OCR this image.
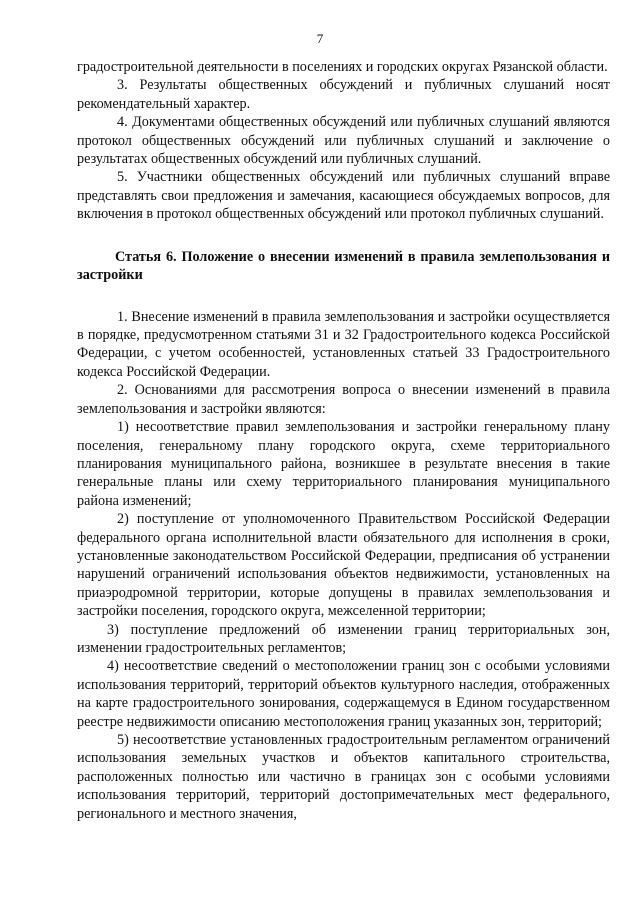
7

градостроительной деятельности в поселениях и городских округах Рязанской области.

3. Результаты общественных обсуждений и публичных слушаний носят рекомендательный характер.

4. Документами общественных обсуждений или публичных слушаний являются протокол общественных обсуждений или публичных слушаний и заключение о результатах общественных обсуждений или публичных слушаний.

5. Участники общественных обсуждений или публичных слушаний вправе представлять свои предложения и замечания, касающиеся обсуждаемых вопросов, для включения в протокол общественных обсуждений или протокол публичных слушаний.

Статья 6. Положение о внесении изменений в правила землепользования и застройки

1. Внесение изменений в правила землепользования и застройки осуществляется в порядке, предусмотренном статьями 31 и 32 Градостроительного кодекса Российской Федерации, с учетом особенностей, установленных статьей 33 Градостроительного кодекса Российской Федерации.

2. Основаниями для рассмотрения вопроса о внесении изменений в правила землепользования и застройки являются:

1) несоответствие правил землепользования и застройки генеральному плану поселения, генеральному плану городского округа, схеме территориального планирования муниципального района, возникшее в результате внесения в такие генеральные планы или схему территориального планирования муниципального района изменений;

2) поступление от уполномоченного Правительством Российской Федерации федерального органа исполнительной власти обязательного для исполнения в сроки, установленные законодательством Российской Федерации, предписания об устранении нарушений ограничений использования объектов недвижимости, установленных на приаэродромной территории, которые допущены в правилах землепользования и застройки поселения, городского округа, межселенной территории;

3) поступление предложений об изменении границ территориальных зон, изменении градостроительных регламентов;

4) несоответствие сведений о местоположении границ зон с особыми условиями использования территорий, территорий объектов культурного наследия, отображенных на карте градостроительного зонирования, содержащемуся в Едином государственном реестре недвижимости описанию местоположения границ указанных зон, территорий;

5) несоответствие установленных градостроительным регламентом ограничений использования земельных участков и объектов капитального строительства, расположенных полностью или частично в границах зон с особыми условиями использования территорий, территорий достопримечательных мест федерального, регионального и местного значения,
